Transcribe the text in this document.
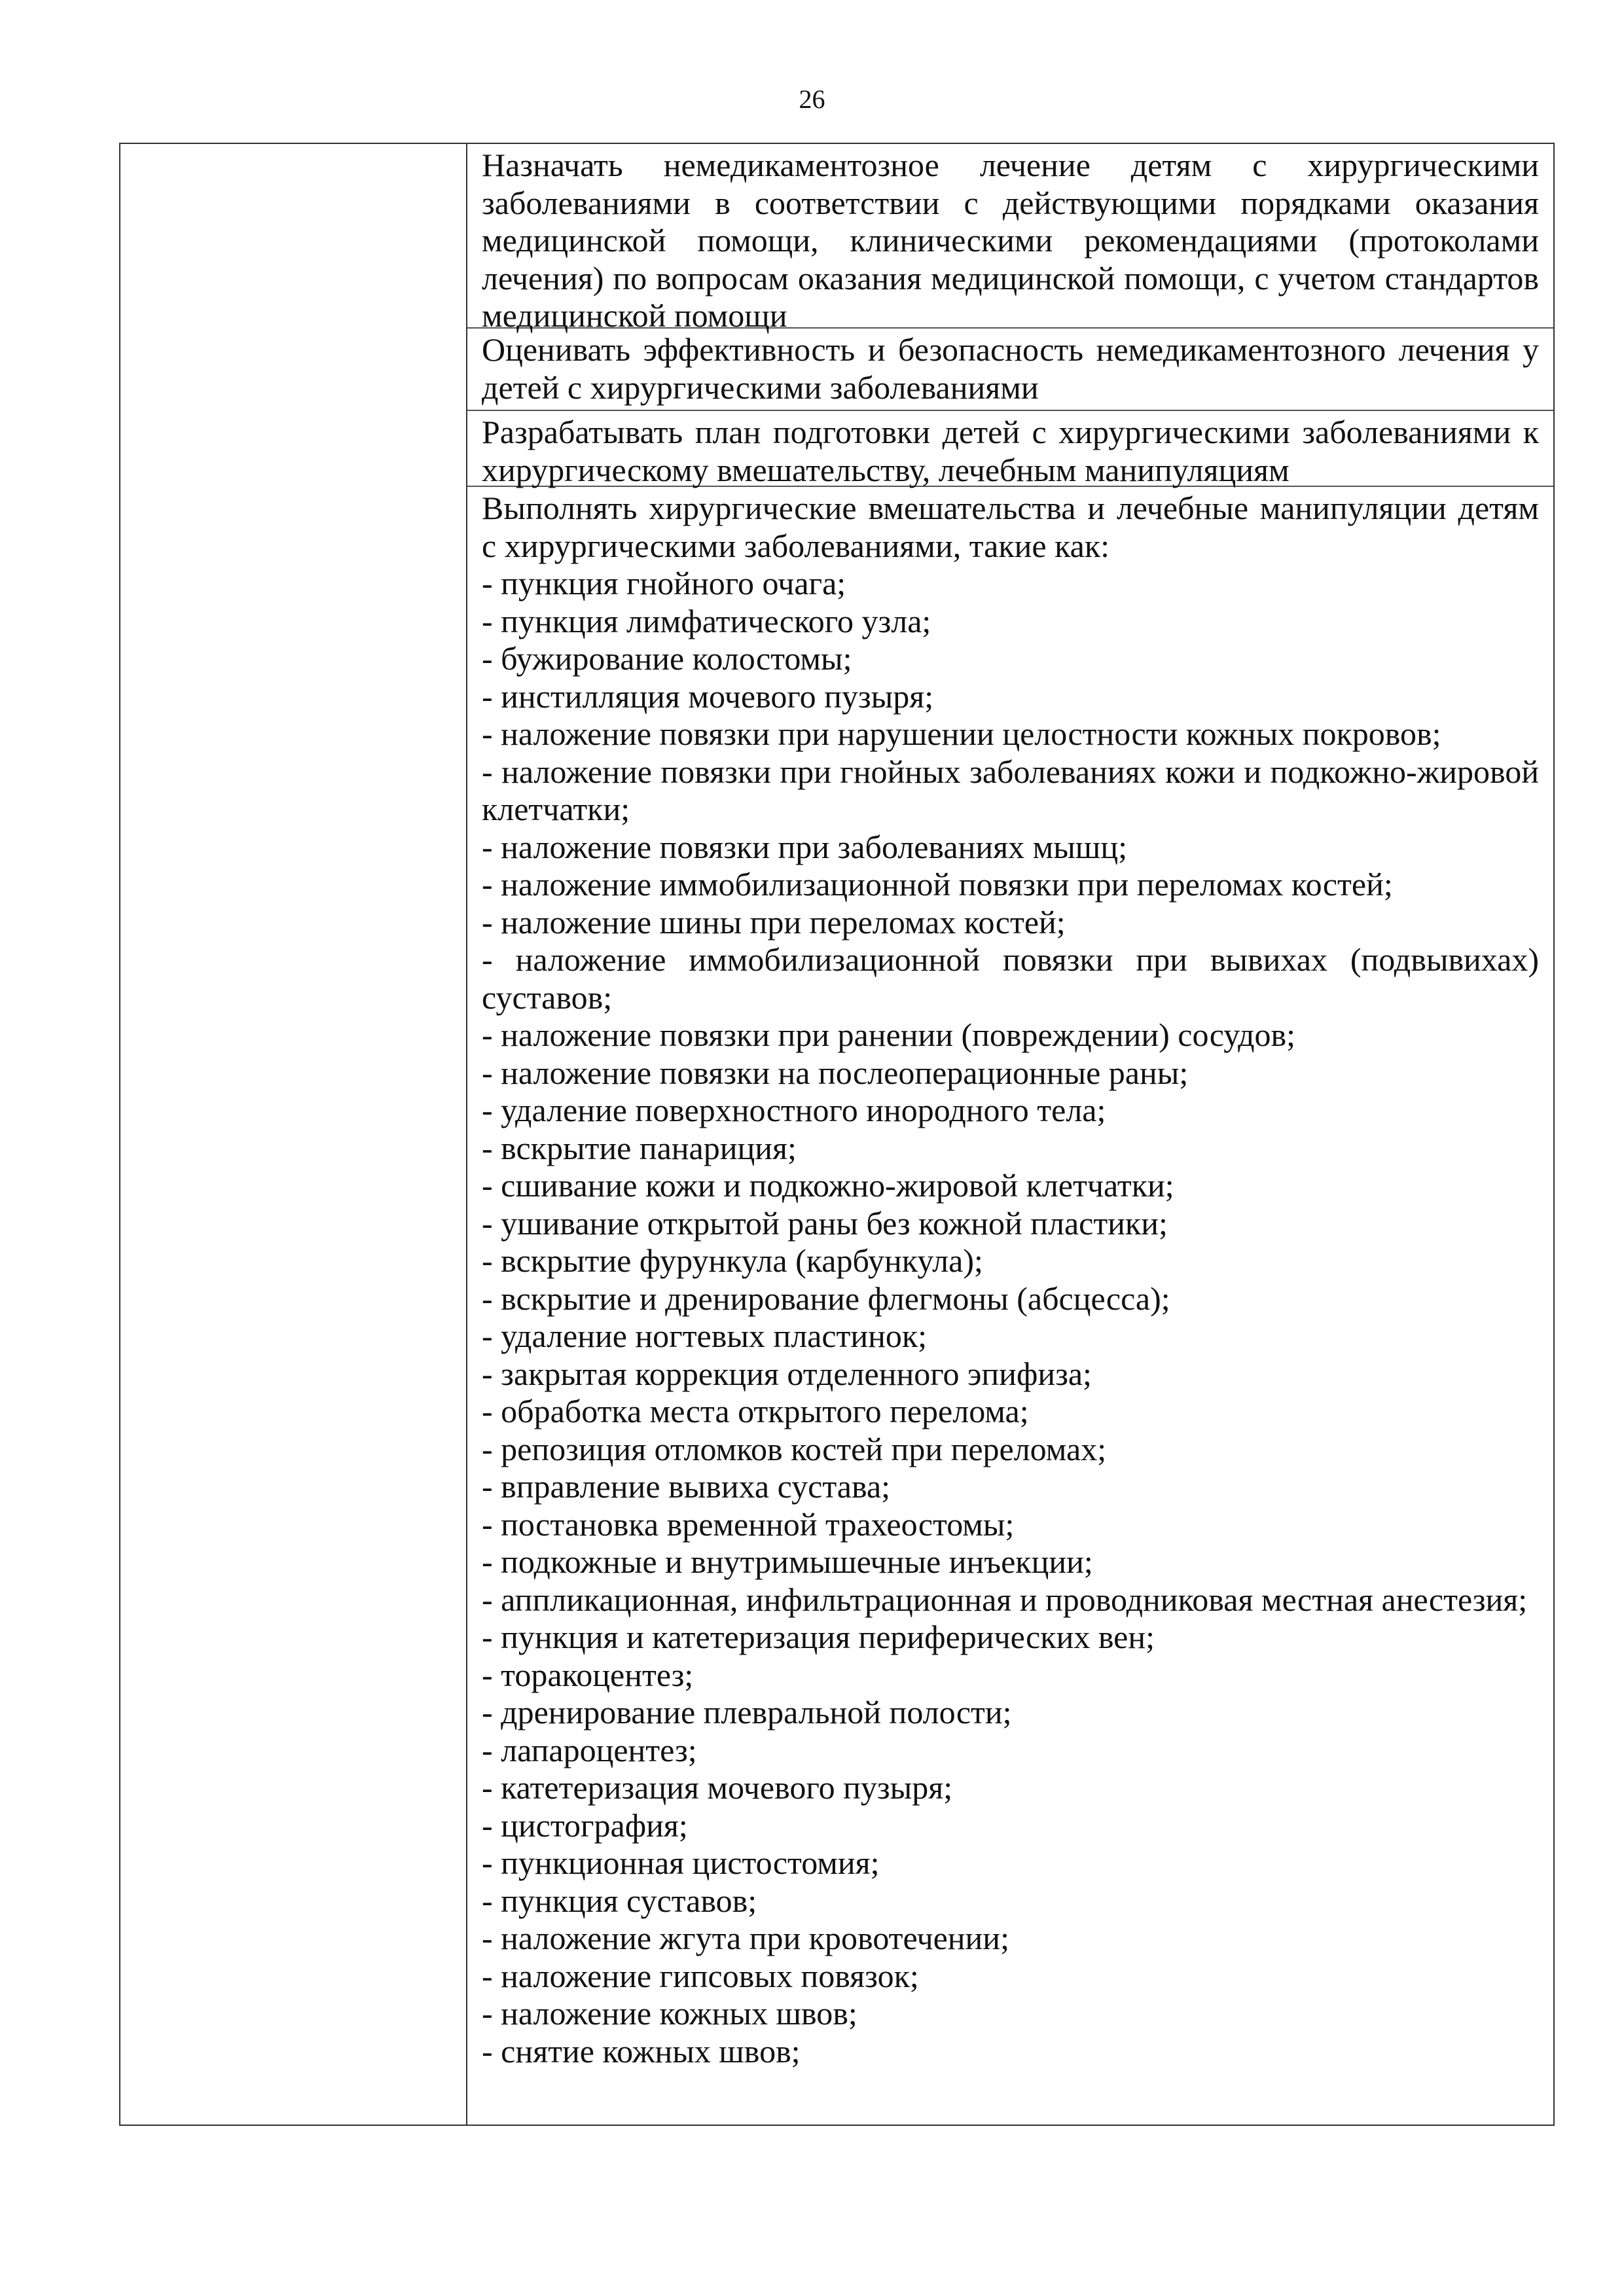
26
Назначать немедикаментозное лечение детям с хирургическими заболеваниями в соответствии с действующими порядками оказания медицинской помощи, клиническими рекомендациями (протоколами лечения) по вопросам оказания медицинской помощи, с учетом стандартов медицинской помощи
Оценивать эффективность и безопасность немедикаментозного лечения у детей с хирургическими заболеваниями
Разрабатывать план подготовки детей с хирургическими заболеваниями к хирургическому вмешательству, лечебным манипуляциям
Выполнять хирургические вмешательства и лечебные манипуляции детям с хирургическими заболеваниями, такие как:
- пункция гнойного очага;
- пункция лимфатического узла;
- бужирование колостомы;
- инстилляция мочевого пузыря;
- наложение повязки при нарушении целостности кожных покровов;
- наложение повязки при гнойных заболеваниях кожи и подкожно-жировой клетчатки;
- наложение повязки при заболеваниях мышц;
- наложение иммобилизационной повязки при переломах костей;
- наложение шины при переломах костей;
- наложение иммобилизационной повязки при вывихах (подвывихах) суставов;
- наложение повязки при ранении (повреждении) сосудов;
- наложение повязки на послеоперационные раны;
- удаление поверхностного инородного тела;
- вскрытие панариция;
- сшивание кожи и подкожно-жировой клетчатки;
- ушивание открытой раны без кожной пластики;
- вскрытие фурункула (карбункула);
- вскрытие и дренирование флегмоны (абсцесса);
- удаление ногтевых пластинок;
- закрытая коррекция отделенного эпифиза;
- обработка места открытого перелома;
- репозиция отломков костей при переломах;
- вправление вывиха сустава;
- постановка временной трахеостомы;
- подкожные и внутримышечные инъекции;
- аппликационная, инфильтрационная и проводниковая местная анестезия;
- пункция и катетеризация периферических вен;
- торакоцентез;
- дренирование плевральной полости;
- лапароцентез;
- катетеризация мочевого пузыря;
- цистография;
- пункционная цистостомия;
- пункция суставов;
- наложение жгута при кровотечении;
- наложение гипсовых повязок;
- наложение кожных швов;
- снятие кожных швов;
